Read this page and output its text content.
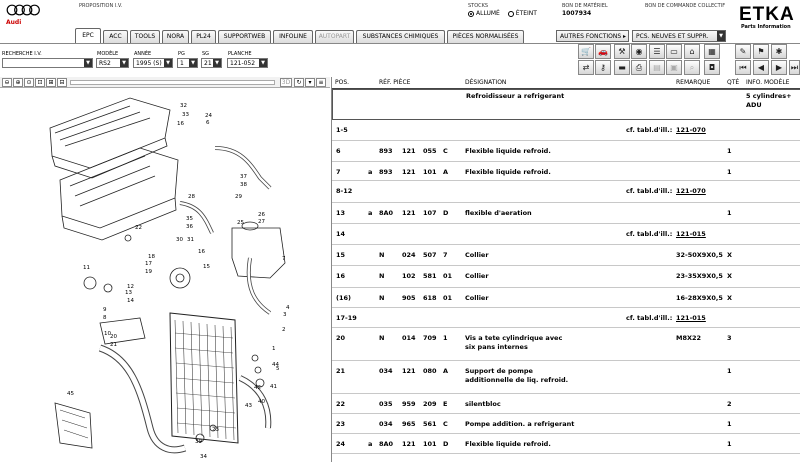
Audi
PROPOSITION I.V.	STOCKS
ALLUMÉ	ÉTEINT
BON DE MATÉRIEL
1007934
BON DE COMMANDE COLLECTIF ETKA
Parts Information
EPC	ACC	TOOLS	NORA	PL24	SUPPORTWEB	INFOLINE	AUTOPART	SUBSTANCES CHIMIQUES	PIÈCES NORMALISÉES	AUTRES FONCTIONS ▸	PCS. NEUVES ET SUPPR.	▼
RECHERCHE I.V.
▼
MODÈLE
RS2	▼
ANNÉE
1995 (S) ▼
PG
1	▼
SG
21 ▼
PLANCHE
121-052	▼
🛒 🚗	⚒	◉	☰	▭	⌂	▦	✎	⚑	✱
⇄	⚷	▬	⎙	▤	▣	⌕	◘	⏮	◀	▶	⏭
⊖ ⊕ ⊙ ⊡ ⊞ ⊟	3D	↻	▾	≡
32
33
16	6
24
37
38
29
28
26
27
25
22
35
36
31
30
18
17
19
7
16
15
11
12
13
14
9
8
10
4
3
20
21
2
1
5
45
44
41
42
43
40
39
34
23
POS.	RÉF. PIÈCE	DÉSIGNATION	REMARQUE	QTÉ INFO. MODÈLE
Refroidisseur a refrigerant	5 cylindres+
ADU
1-5	cf. tabl.d'ill.: 121-070
6	893 121 055 C	Flexible liquide refroid.	1
7	a 893 121 101 A	Flexible liquide refroid.	1
8-12	cf. tabl.d'ill.: 121-070
13	a 8A0 121 107 D	flexible d'aeration	1
14	cf. tabl.d'ill.: 121-015
15	N	024 507 7	Collier	32-50X9X0,5 X
16	N	102 581 01 Collier	23-35X9X0,5 X
(16)	N	905 618 01 Collier	16-28X9X0,5 X
17-19	cf. tabl.d'ill.: 121-015
20	N	014 709 1	Vis a tete cylindrique avec	M8X22	3
six pans internes
21	034 121 080 A	Support de pompe	1
additionnelle de liq. refroid.
22	035 959 209 E	silentbloc	2
23	034 965 561 C	Pompe addition. a refrigerant	1
24	a 8A0 121 101 D	Flexible liquide refroid.	1
